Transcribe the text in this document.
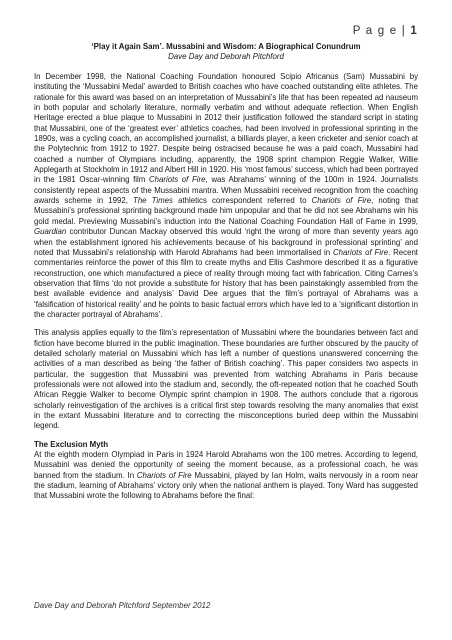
P a g e | 1
‘Play it Again Sam’. Mussabini and Wisdom: A Biographical Conundrum
Dave Day and Deborah Pitchford

In December 1998, the National Coaching Foundation honoured Scipio Africanus (Sam) Mussabini by instituting the ‘Mussabini Medal’ awarded to British coaches who have coached outstanding elite athletes. The rationale for this award was based on an interpretation of Mussabini’s life that has been repeated ad nauseum in both popular and scholarly literature, normally verbatim and without adequate reflection. When English Heritage erected a blue plaque to Mussabini in 2012 their justification followed the standard script in stating that Mussabini, one of the ‘greatest ever’ athletics coaches, had been involved in professional sprinting in the 1890s, was a cycling coach, an accomplished journalist, a billiards player, a keen cricketer and senior coach at the Polytechnic from 1912 to 1927. Despite being ostracised because he was a paid coach, Mussabini had coached a number of Olympians including, apparently, the 1908 sprint champion Reggie Walker, Willie Applegarth at Stockholm in 1912 and Albert Hill in 1920. His ‘most famous’ success, which had been portrayed in the 1981 Oscar-winning film Chariots of Fire, was Abrahams’ winning of the 100m in 1924. Journalists consistently repeat aspects of the Mussabini mantra. When Mussabini received recognition from the coaching awards scheme in 1992, The Times athletics correspondent referred to Chariots of Fire, noting that Mussabini’s professional sprinting background made him unpopular and that he did not see Abrahams win his gold medal. Previewing Mussabini’s induction into the National Coaching Foundation Hall of Fame in 1999, Guardian contributor Duncan Mackay observed this would ‘right the wrong of more than seventy years ago when the establishment ignored his achievements because of his background in professional sprinting’ and noted that Mussabini’s relationship with Harold Abrahams had been immortalised in Chariots of Fire. Recent commentaries reinforce the power of this film to create myths and Ellis Cashmore described it as a figurative reconstruction, one which manufactured a piece of reality through mixing fact with fabrication. Citing Carnes’s observation that films ‘do not provide a substitute for history that has been painstakingly assembled from the best available evidence and analysis’ David Dee argues that the film’s portrayal of Abrahams was a ‘falsification of historical reality’ and he points to basic factual errors which have led to a ‘significant distortion in the character portrayal of Abrahams’.

This analysis applies equally to the film’s representation of Mussabini where the boundaries between fact and fiction have become blurred in the public imagination. These boundaries are further obscured by the paucity of detailed scholarly material on Mussabini which has left a number of questions unanswered concerning the activities of a man described as being ‘the father of British coaching’. This paper considers two aspects in particular, the suggestion that Mussabini was prevented from watching Abrahams in Paris because professionals were not allowed into the stadium and, secondly, the oft-repeated notion that he coached South African Reggie Walker to become Olympic sprint champion in 1908. The authors conclude that a rigorous scholarly reinvestigation of the archives is a critical first step towards resolving the many anomalies that exist in the extant Mussabini literature and to correcting the misconceptions buried deep within the Mussabini legend.

The Exclusion Myth

At the eighth modern Olympiad in Paris in 1924 Harold Abrahams won the 100 metres. According to legend, Mussabini was denied the opportunity of seeing the moment because, as a professional coach, he was banned from the stadium. In Chariots of Fire Mussabini, played by Ian Holm, waits nervously in a room near the stadium, learning of Abrahams’ victory only when the national anthem is played. Tony Ward has suggested that Mussabini wrote the following to Abrahams before the final:

Dave Day and Deborah Pitchford September 2012
